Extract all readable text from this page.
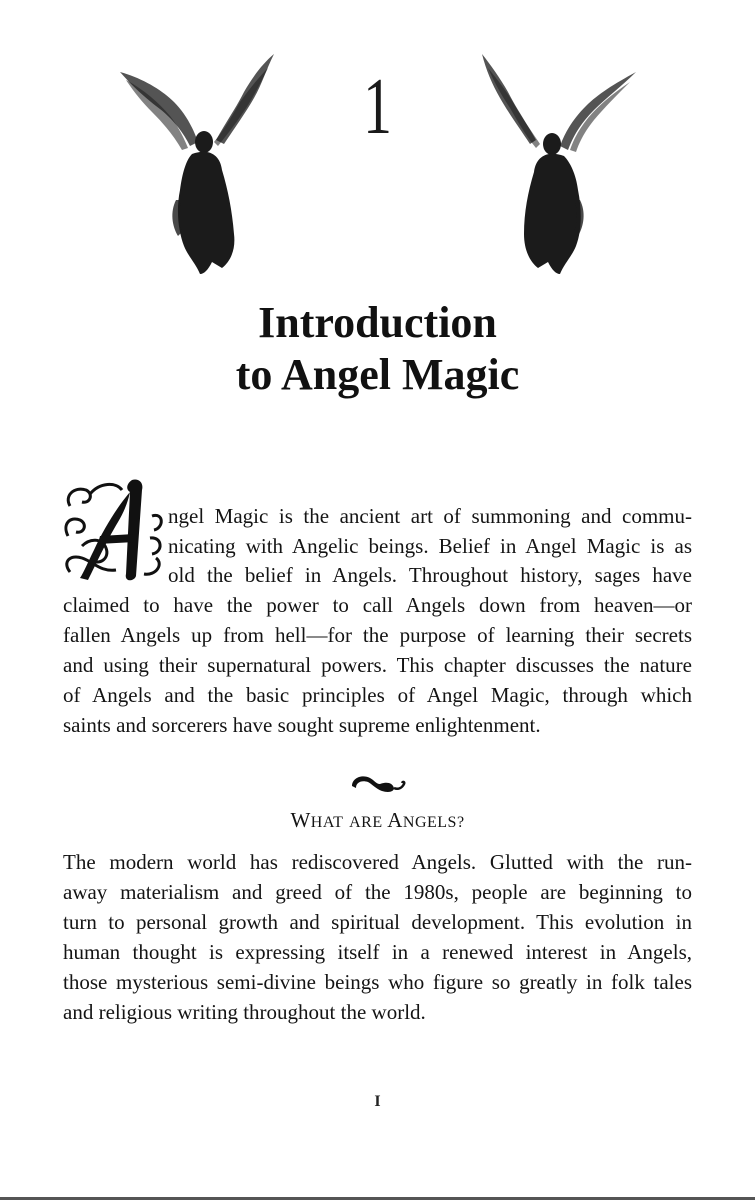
1
Introduction
to Angel Magic
ngel Magic is the ancient art of summoning and commu-
nicating with Angelic beings. Belief in Angel Magic is as
old the belief in Angels. Throughout history, sages have
claimed to have the power to call Angels down from heaven—or
fallen Angels up from hell—for the purpose of learning their secrets
and using their supernatural powers. This chapter discusses the nature
of Angels and the basic principles of Angel Magic, through which
saints and sorcerers have sought supreme enlightenment.
WHAT ARE ANGELS?
The modern world has rediscovered Angels. Glutted with the run-
away materialism and greed of the 1980s, people are beginning to
turn to personal growth and spiritual development. This evolution in
human thought is expressing itself in a renewed interest in Angels,
those mysterious semi-divine beings who figure so greatly in folk tales
and religious writing throughout the world.
I
